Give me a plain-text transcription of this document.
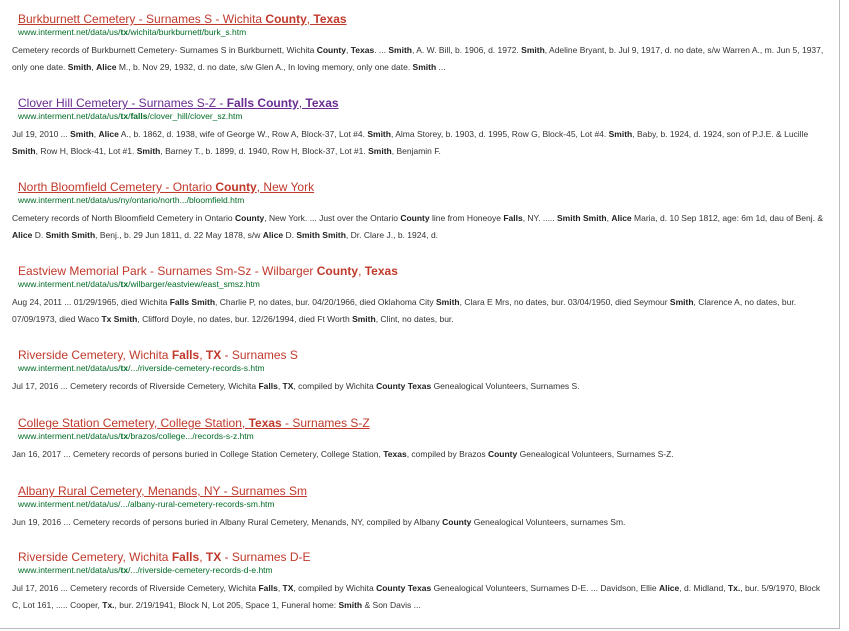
Burkburnett Cemetery - Surnames S - Wichita County, Texas
www.interment.net/data/us/tx/wichita/burkburnett/burk_s.htm
Cemetery records of Burkburnett Cemetery- Surnames S in Burkburnett, Wichita County, Texas. ... Smith, A. W. Bill, b. 1906, d. 1972. Smith, Adeline Bryant, b. Jul 9, 1917, d. no date, s/w Warren A., m. Jun 5, 1937, only one date. Smith, Alice M., b. Nov 29, 1932, d. no date, s/w Glen A., In loving memory, only one date. Smith ...
Clover Hill Cemetery - Surnames S-Z - Falls County, Texas
www.interment.net/data/us/tx/falls/clover_hill/clover_sz.htm
Jul 19, 2010 ... Smith, Alice A., b. 1862, d. 1938, wife of George W., Row A, Block-37, Lot #4. Smith, Alma Storey, b. 1903, d. 1995, Row G, Block-45, Lot #4. Smith, Baby, b. 1924, d. 1924, son of P.J.E. & Lucille Smith, Row H, Block-41, Lot #1. Smith, Barney T., b. 1899, d. 1940, Row H, Block-37, Lot #1. Smith, Benjamin F.
North Bloomfield Cemetery - Ontario County, New York
www.interment.net/data/us/ny/ontario/north.../bloomfield.htm
Cemetery records of North Bloomfield Cemetery in Ontario County, New York. ... Just over the Ontario County line from Honeoye Falls, NY. ..... Smith Smith, Alice Maria, d. 10 Sep 1812, age: 6m 1d, dau of Benj. & Alice D. Smith Smith, Benj., b. 29 Jun 1811, d. 22 May 1878, s/w Alice D. Smith Smith, Dr. Clare J., b. 1924, d.
Eastview Memorial Park - Surnames Sm-Sz - Wilbarger County, Texas
www.interment.net/data/us/tx/wilbarger/eastview/east_smsz.htm
Aug 24, 2011 ... 01/29/1965, died Wichita Falls Smith, Charlie P, no dates, bur. 04/20/1966, died Oklahoma City Smith, Clara E Mrs, no dates, bur. 03/04/1950, died Seymour Smith, Clarence A, no dates, bur. 07/09/1973, died Waco Tx Smith, Clifford Doyle, no dates, bur. 12/26/1994, died Ft Worth Smith, Clint, no dates, bur.
Riverside Cemetery, Wichita Falls, TX - Surnames S
www.interment.net/data/us/tx/.../riverside-cemetery-records-s.htm
Jul 17, 2016 ... Cemetery records of Riverside Cemetery, Wichita Falls, TX, compiled by Wichita County Texas Genealogical Volunteers, Surnames S.
College Station Cemetery, College Station, Texas - Surnames S-Z
www.interment.net/data/us/tx/brazos/college.../records-s-z.htm
Jan 16, 2017 ... Cemetery records of persons buried in College Station Cemetery, College Station, Texas, compiled by Brazos County Genealogical Volunteers, Surnames S-Z.
Albany Rural Cemetery, Menands, NY - Surnames Sm
www.interment.net/data/us/.../albany-rural-cemetery-records-sm.htm
Jun 19, 2016 ... Cemetery records of persons buried in Albany Rural Cemetery, Menands, NY, compiled by Albany County Genealogical Volunteers, surnames Sm.
Riverside Cemetery, Wichita Falls, TX - Surnames D-E
www.interment.net/data/us/tx/.../riverside-cemetery-records-d-e.htm
Jul 17, 2016 ... Cemetery records of Riverside Cemetery, Wichita Falls, TX, compiled by Wichita County Texas Genealogical Volunteers, Surnames D-E. ... Davidson, Ellie Alice, d. Midland, Tx., bur. 5/9/1970, Block C, Lot 161, ..... Cooper, Tx., bur. 2/19/1941, Block N, Lot 205, Space 1, Funeral home: Smith & Son Davis ...
